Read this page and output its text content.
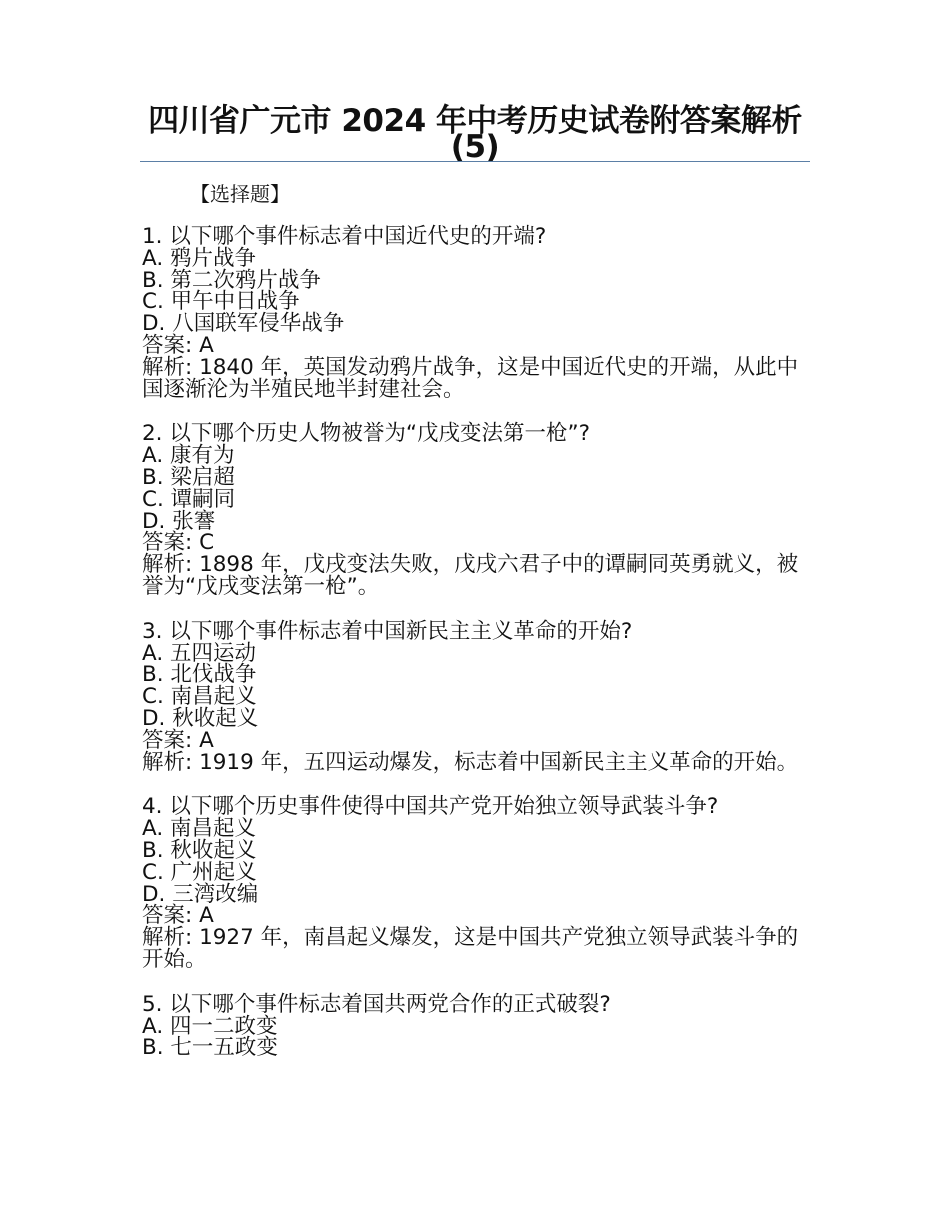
四川省广元市 2024 年中考历史试卷附答案解析(5)
【选择题】
1. 以下哪个事件标志着中国近代史的开端?
A. 鸦片战争
B. 第二次鸦片战争
C. 甲午中日战争
D. 八国联军侵华战争
答案: A
解析: 1840 年，英国发动鸦片战争，这是中国近代史的开端，从此中国逐渐沦为半殖民地半封建社会。
2. 以下哪个历史人物被誉为“戊戌变法第一枪”?
A. 康有为
B. 梁启超
C. 谭嗣同
D. 张謇
答案: C
解析: 1898 年，戊戌变法失败，戊戌六君子中的谭嗣同英勇就义，被誉为“戊戌变法第一枪”。
3. 以下哪个事件标志着中国新民主主义革命的开始?
A. 五四运动
B. 北伐战争
C. 南昌起义
D. 秋收起义
答案: A
解析: 1919 年，五四运动爆发，标志着中国新民主主义革命的开始。
4. 以下哪个历史事件使得中国共产党开始独立领导武装斗争?
A. 南昌起义
B. 秋收起义
C. 广州起义
D. 三湾改编
答案: A
解析: 1927 年，南昌起义爆发，这是中国共产党独立领导武装斗争的开始。
5. 以下哪个事件标志着国共两党合作的正式破裂?
A. 四一二政变
B. 七一五政变
